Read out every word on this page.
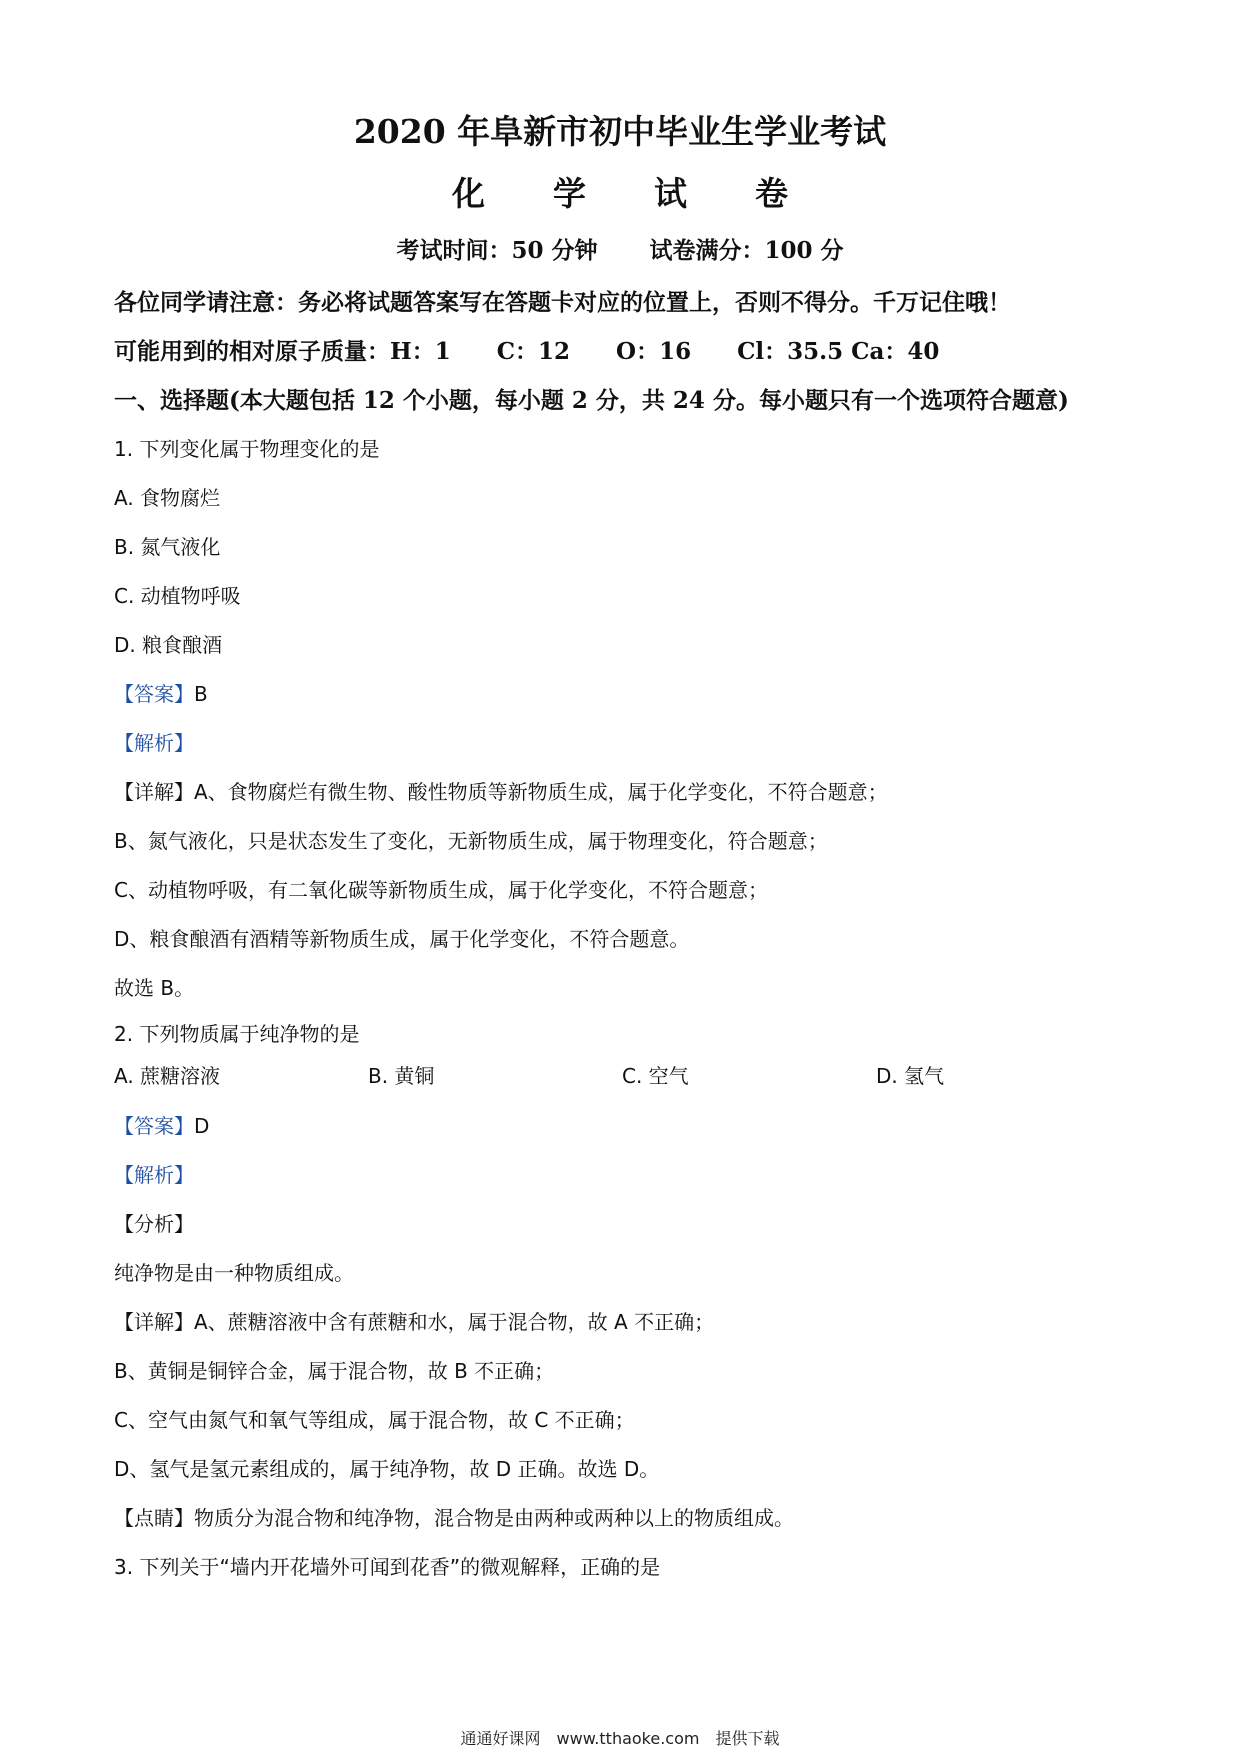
2020 年阜新市初中毕业生学业考试
化学试卷
考试时间：50 分钟 试卷满分：100 分
各位同学请注意：务必将试题答案写在答题卡对应的位置上，否则不得分。千万记住哦！
可能用到的相对原子质量：H：1　　C：12　　O：16　　Cl：35.5 Ca：40
一、选择题(本大题包括 12 个小题，每小题 2 分，共 24 分。每小题只有一个选项符合题意)
1. 下列变化属于物理变化的是
A. 食物腐烂
B. 氮气液化
C. 动植物呼吸
D. 粮食酿酒
【答案】B
【解析】
【详解】A、食物腐烂有微生物、酸性物质等新物质生成，属于化学变化，不符合题意；
B、氮气液化，只是状态发生了变化，无新物质生成，属于物理变化，符合题意；
C、动植物呼吸，有二氧化碳等新物质生成，属于化学变化，不符合题意；
D、粮食酿酒有酒精等新物质生成，属于化学变化，不符合题意。
故选 B。
2. 下列物质属于纯净物的是
A. 蔗糖溶液	B. 黄铜	C. 空气	D. 氢气
【答案】D
【解析】
【分析】
纯净物是由一种物质组成。
【详解】A、蔗糖溶液中含有蔗糖和水，属于混合物，故 A 不正确；
B、黄铜是铜锌合金，属于混合物，故 B 不正确；
C、空气由氮气和氧气等组成，属于混合物，故 C 不正确；
D、氢气是氢元素组成的，属于纯净物，故 D 正确。故选 D。
【点睛】物质分为混合物和纯净物，混合物是由两种或两种以上的物质组成。
3. 下列关于“墙内开花墙外可闻到花香”的微观解释，正确的是
通通好课网　www.tthaoke.com　提供下载
